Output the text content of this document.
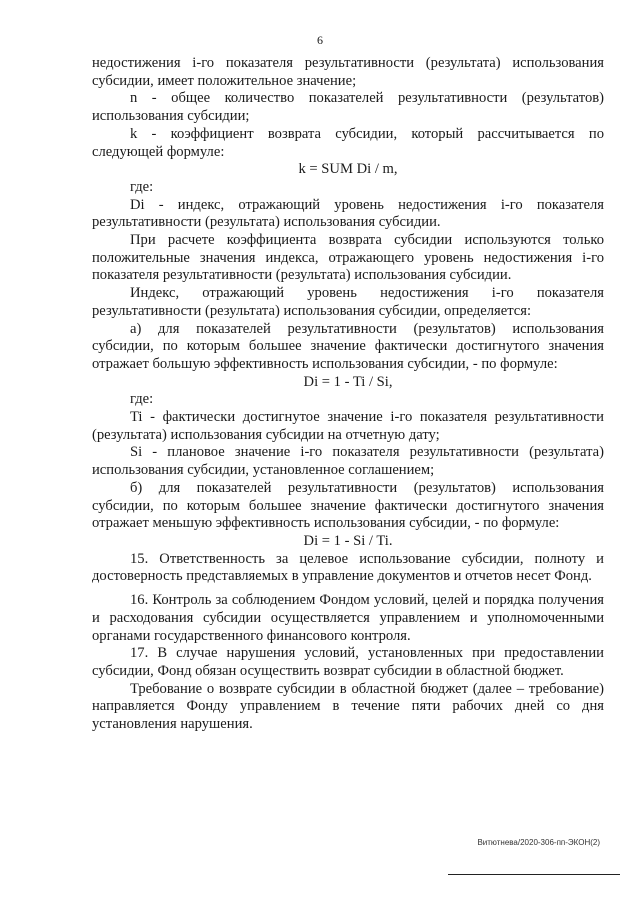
6

недостижения i-го показателя результативности (результата) использования субсидии, имеет положительное значение;

n - общее количество показателей результативности (результатов) использования субсидии;

k - коэффициент возврата субсидии, который рассчитывается по следующей формуле:

k = SUM Di / m,

где:

Di - индекс, отражающий уровень недостижения i-го показателя результативности (результата) использования субсидии.

При расчете коэффициента возврата субсидии используются только положительные значения индекса, отражающего уровень недостижения i-го показателя результативности (результата) использования субсидии.

Индекс, отражающий уровень недостижения i-го показателя результативности (результата) использования субсидии, определяется:

а) для показателей результативности (результатов) использования субсидии, по которым большее значение фактически достигнутого значения отражает большую эффективность использования субсидии, - по формуле:

Di = 1 - Ti / Si,

где:

Ti - фактически достигнутое значение i-го показателя результативности (результата) использования субсидии на отчетную дату;

Si - плановое значение i-го показателя результативности (результата) использования субсидии, установленное соглашением;

б) для показателей результативности (результатов) использования субсидии, по которым большее значение фактически достигнутого значения отражает меньшую эффективность использования субсидии, - по формуле:

Di = 1 - Si / Ti.

15. Ответственность за целевое использование субсидии, полноту и достоверность представляемых в управление документов и отчетов несет Фонд.

16. Контроль за соблюдением Фондом условий, целей и порядка получения и расходования субсидии осуществляется управлением и уполномоченными органами государственного финансового контроля.

17. В случае нарушения условий, установленных при предоставлении субсидии, Фонд обязан осуществить возврат субсидии в областной бюджет.

Требование о возврате субсидии в областной бюджет (далее – требование) направляется Фонду управлением в течение пяти рабочих дней со дня установления нарушения.

Витютнева/2020-306-пп-ЭКОН(2)
